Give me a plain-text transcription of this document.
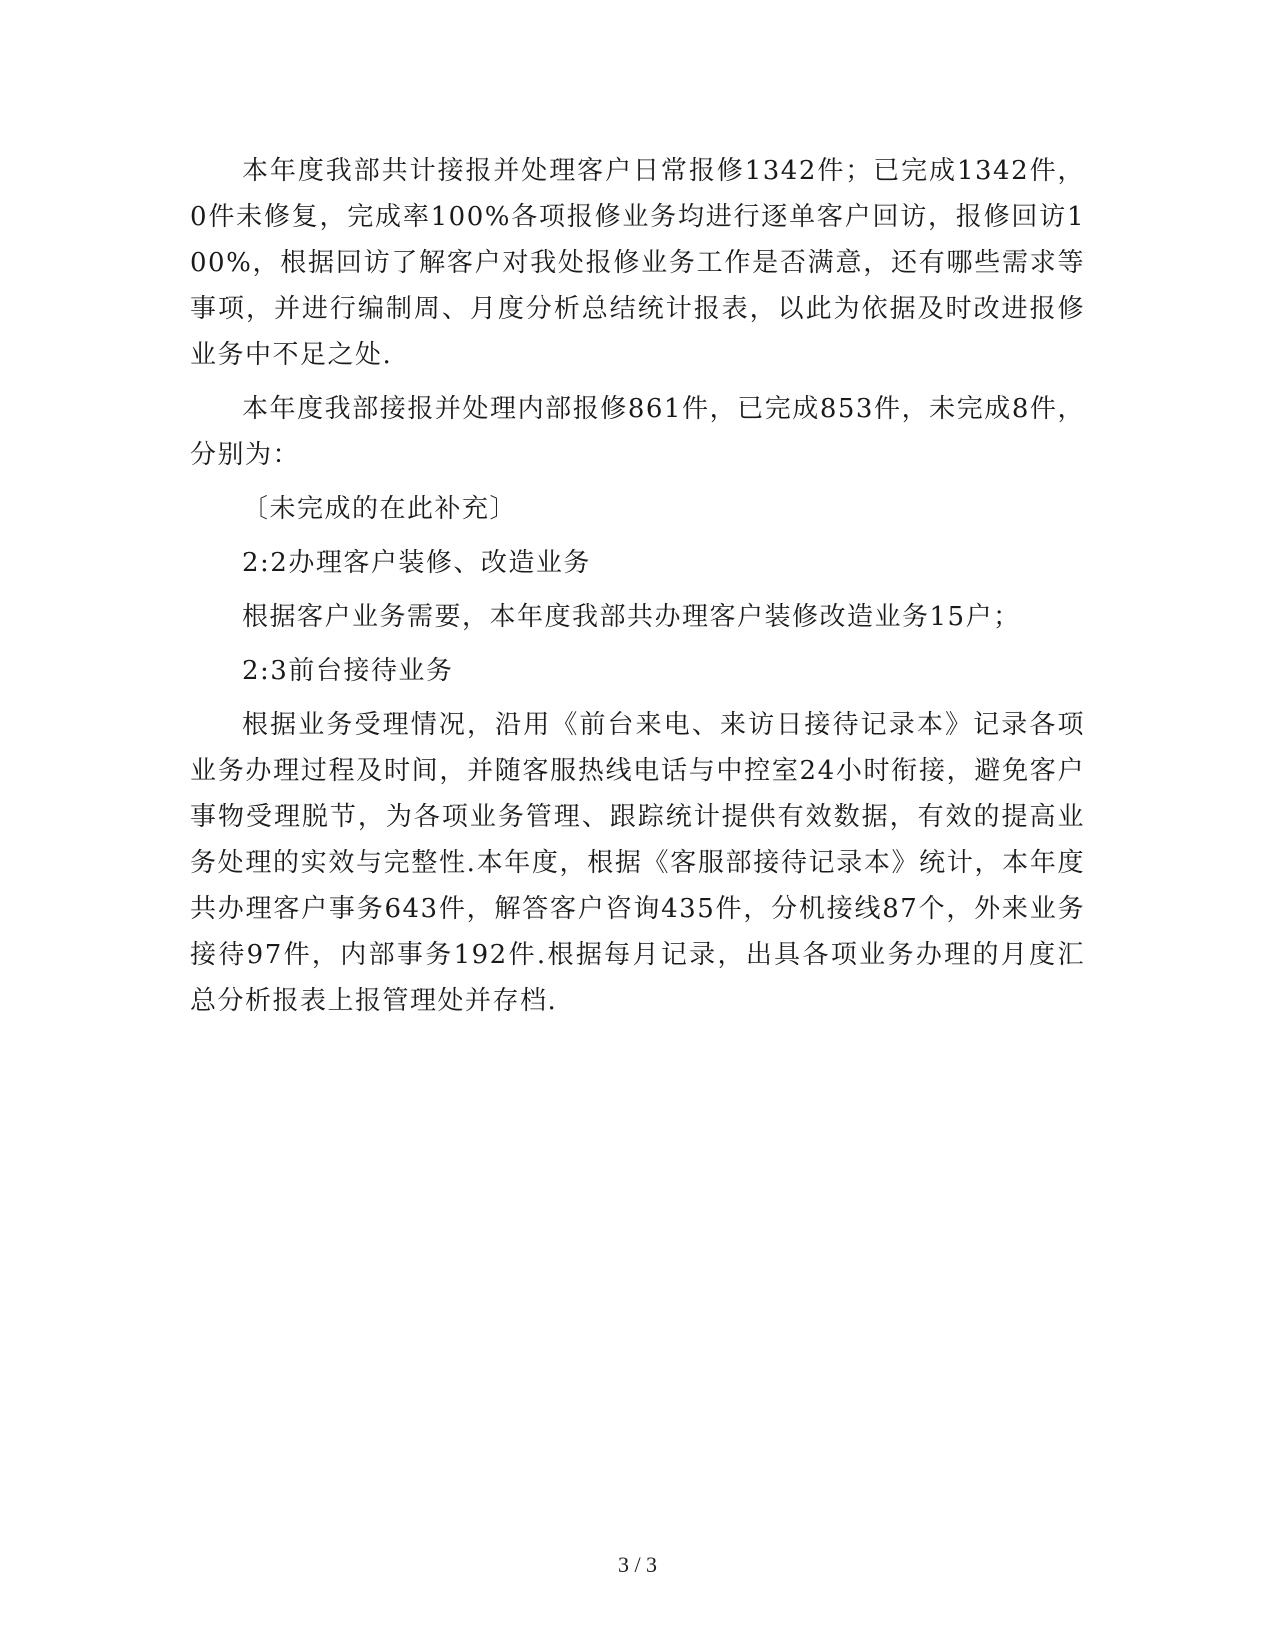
本年度我部共计接报并处理客户日常报修1342件；已完成1342件，0件未修复，完成率100%各项报修业务均进行逐单客户回访，报修回访100%，根据回访了解客户对我处报修业务工作是否满意，还有哪些需求等事项，并进行编制周、月度分析总结统计报表，以此为依据及时改进报修业务中不足之处.

本年度我部接报并处理内部报修861件，已完成853件，未完成8件，分别为：

〔未完成的在此补充〕

2:2办理客户装修、改造业务

根据客户业务需要，本年度我部共办理客户装修改造业务15户；

2:3前台接待业务

根据业务受理情况，沿用《前台来电、来访日接待记录本》记录各项业务办理过程及时间，并随客服热线电话与中控室24小时衔接，避免客户事物受理脱节，为各项业务管理、跟踪统计提供有效数据，有效的提高业务处理的实效与完整性.本年度，根据《客服部接待记录本》统计，本年度共办理客户事务643件，解答客户咨询435件，分机接线87个，外来业务接待97件，内部事务192件.根据每月记录，出具各项业务办理的月度汇总分析报表上报管理处并存档.

3 / 3
